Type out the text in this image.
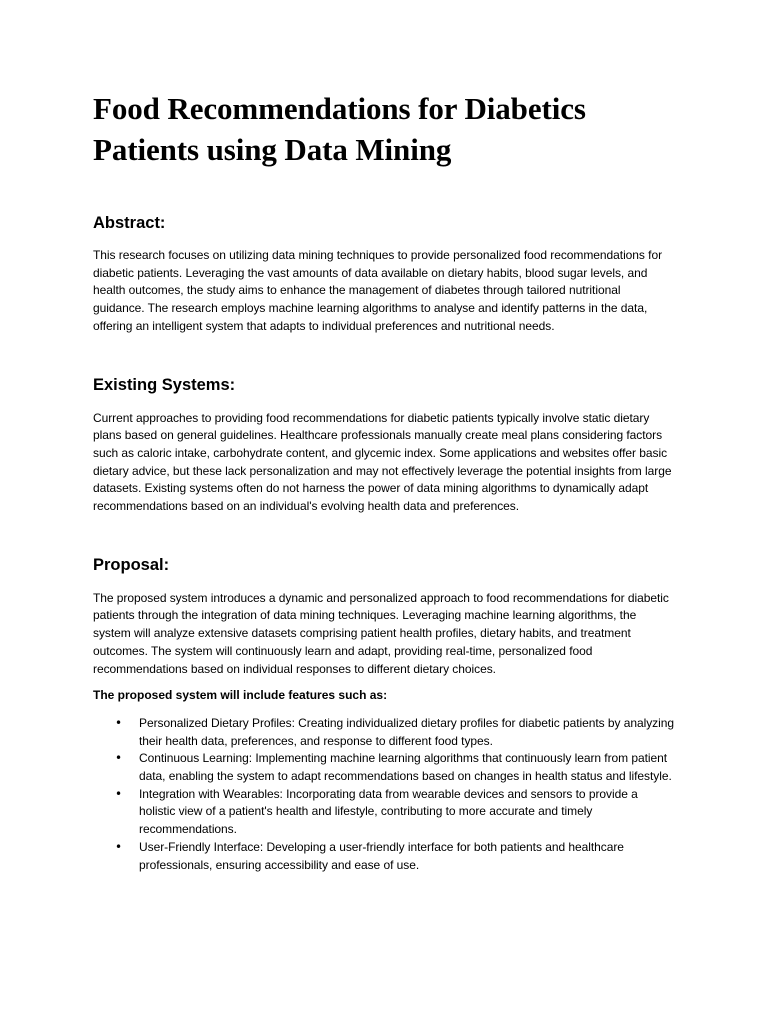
Food Recommendations for Diabetics Patients using Data Mining
Abstract:

This research focuses on utilizing data mining techniques to provide personalized food recommendations for diabetic patients. Leveraging the vast amounts of data available on dietary habits, blood sugar levels, and health outcomes, the study aims to enhance the management of diabetes through tailored nutritional guidance. The research employs machine learning algorithms to analyse and identify patterns in the data, offering an intelligent system that adapts to individual preferences and nutritional needs.

Existing Systems:

Current approaches to providing food recommendations for diabetic patients typically involve static dietary plans based on general guidelines. Healthcare professionals manually create meal plans considering factors such as caloric intake, carbohydrate content, and glycemic index. Some applications and websites offer basic dietary advice, but these lack personalization and may not effectively leverage the potential insights from large datasets. Existing systems often do not harness the power of data mining algorithms to dynamically adapt recommendations based on an individual's evolving health data and preferences.

Proposal:

The proposed system introduces a dynamic and personalized approach to food recommendations for diabetic patients through the integration of data mining techniques. Leveraging machine learning algorithms, the system will analyze extensive datasets comprising patient health profiles, dietary habits, and treatment outcomes. The system will continuously learn and adapt, providing real-time, personalized food recommendations based on individual responses to different dietary choices.

The proposed system will include features such as:

• Personalized Dietary Profiles: Creating individualized dietary profiles for diabetic patients by analyzing their health data, preferences, and response to different food types.
• Continuous Learning: Implementing machine learning algorithms that continuously learn from patient data, enabling the system to adapt recommendations based on changes in health status and lifestyle.
• Integration with Wearables: Incorporating data from wearable devices and sensors to provide a holistic view of a patient's health and lifestyle, contributing to more accurate and timely recommendations.
• User-Friendly Interface: Developing a user-friendly interface for both patients and healthcare professionals, ensuring accessibility and ease of use.
